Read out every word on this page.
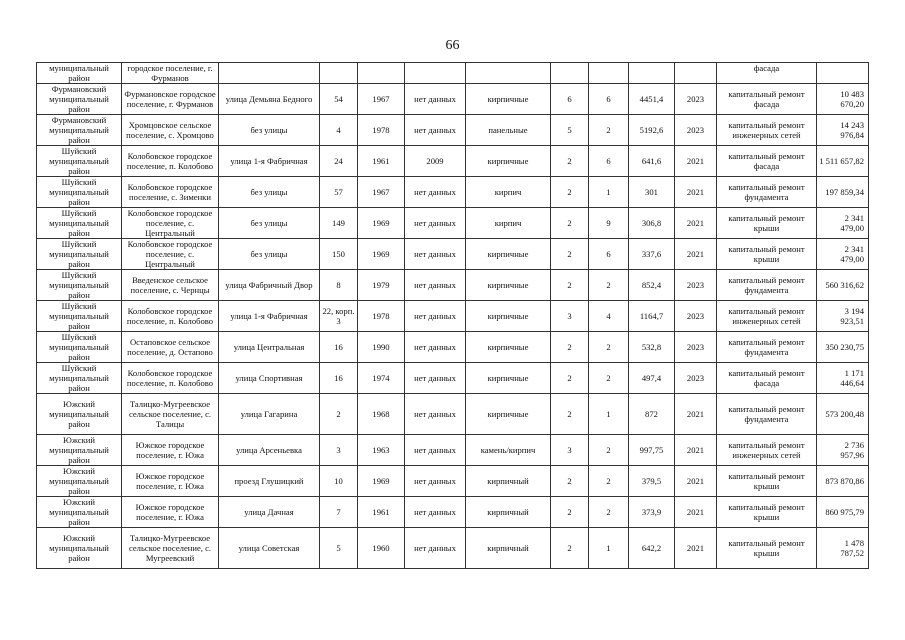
66
муниципальный район	городское поселение, г. Фурманов										фасада	
Фурмановский муниципальный район	Фурмановское городское поселение, г. Фурманов	улица Демьяна Бедного	54	1967	нет данных	кирпичные	6	6	4451,4	2023	капитальный ремонт фасада	10 483 670,20
Фурмановский муниципальный район	Хромцовское сельское поселение, с. Хромцово	без улицы	4	1978	нет данных	панельные	5	2	5192,6	2023	капитальный ремонт инженерных сетей	14 243 976,84
Шуйский муниципальный район	Колобовское городское поселение, п. Колобово	улица 1-я Фабричная	24	1961	2009	кирпичные	2	6	641,6	2021	капитальный ремонт фасада	1 511 657,82
Шуйский муниципальный район	Колобовское городское поселение, с. Зименки	без улицы	57	1967	нет данных	кирпич	2	1	301	2021	капитальный ремонт фундамента	197 859,34
Шуйский муниципальный район	Колобовское городское поселение, с. Центральный	без улицы	149	1969	нет данных	кирпич	2	9	306,8	2021	капитальный ремонт крыши	2 341 479,00
Шуйский муниципальный район	Колобовское городское поселение, с. Центральный	без улицы	150	1969	нет данных	кирпичные	2	6	337,6	2021	капитальный ремонт крыши	2 341 479,00
Шуйский муниципальный район	Введенское сельское поселение, с. Чернцы	улица Фабричный Двор	8	1979	нет данных	кирпичные	2	2	852,4	2023	капитальный ремонт фундамента	560 316,62
Шуйский муниципальный район	Колобовское городское поселение, п. Колобово	улица 1-я Фабричная	22, корп. 3	1978	нет данных	кирпичные	3	4	1164,7	2023	капитальный ремонт инженерных сетей	3 194 923,51
Шуйский муниципальный район	Остаповское сельское поселение, д. Остапово	улица Центральная	16	1990	нет данных	кирпичные	2	2	532,8	2023	капитальный ремонт фундамента	350 230,75
Шуйский муниципальный район	Колобовское городское поселение, п. Колобово	улица Спортивная	16	1974	нет данных	кирпичные	2	2	497,4	2023	капитальный ремонт фасада	1 171 446,64
Южский муниципальный район	Талицко-Мугреевское сельское поселение, с. Талицы	улица Гагарина	2	1968	нет данных	кирпичные	2	1	872	2021	капитальный ремонт фундамента	573 200,48
Южский муниципальный район	Южское городское поселение, г. Южа	улица Арсеньевка	3	1963	нет данных	камень/кирпич	3	2	997,75	2021	капитальный ремонт инженерных сетей	2 736 957,96
Южский муниципальный район	Южское городское поселение, г. Южа	проезд Глушицкий	10	1969	нет данных	кирпичный	2	2	379,5	2021	капитальный ремонт крыши	873 870,86
Южский муниципальный район	Южское городское поселение, г. Южа	улица Дачная	7	1961	нет данных	кирпичный	2	2	373,9	2021	капитальный ремонт крыши	860 975,79
Южский муниципальный район	Талицко-Мугреевское сельское поселение, с. Мугреевский	улица Советская	5	1960	нет данных	кирпичный	2	1	642,2	2021	капитальный ремонт крыши	1 478 787,52
